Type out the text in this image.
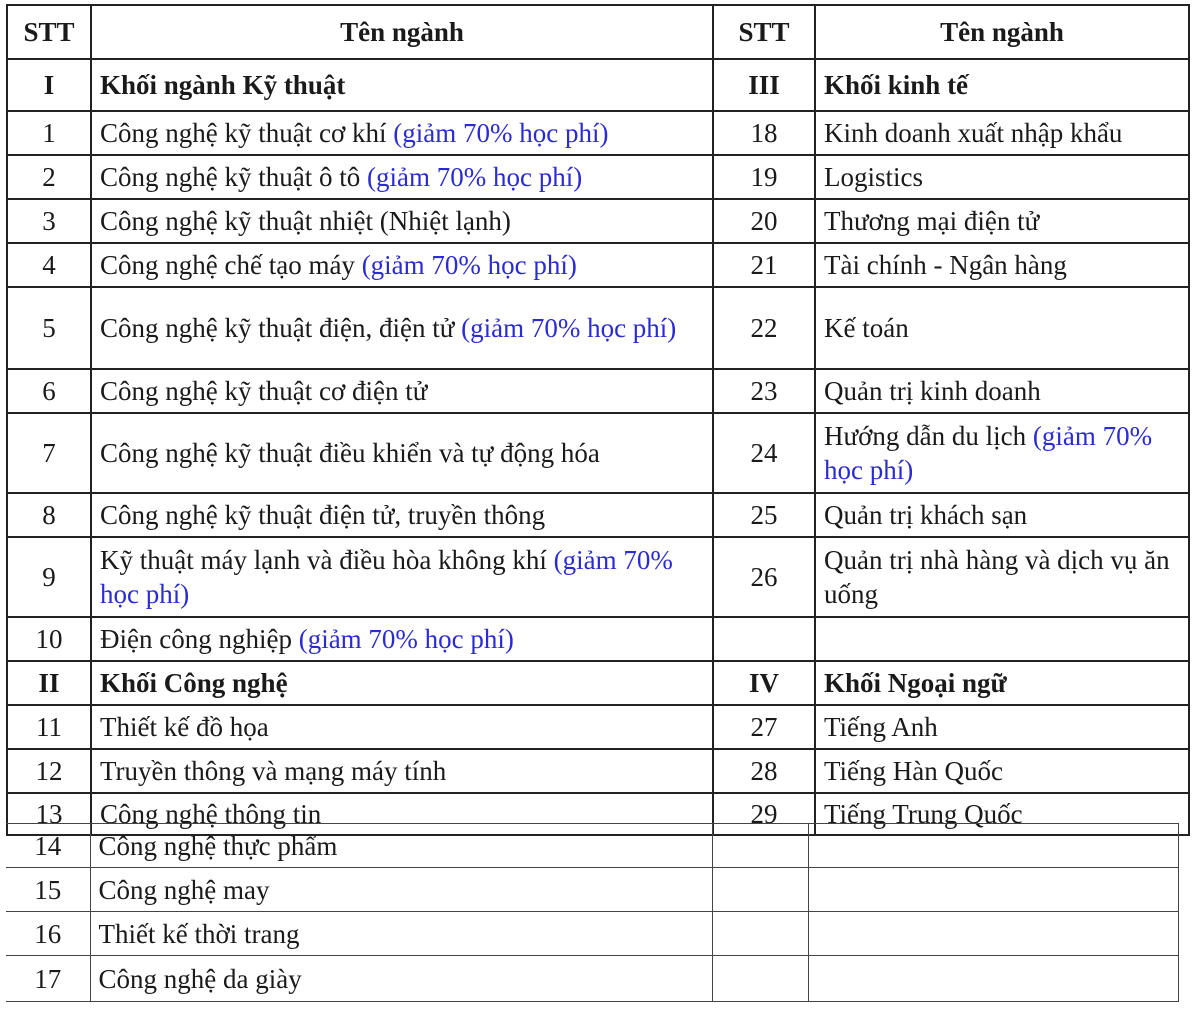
STT	Tên ngành	STT	Tên ngành
I	Khối ngành Kỹ thuật	III	Khối kinh tế
1	Công nghệ kỹ thuật cơ khí (giảm 70% học phí)	18	Kinh doanh xuất nhập khẩu
2	Công nghệ kỹ thuật ô tô (giảm 70% học phí)	19	Logistics
3	Công nghệ kỹ thuật nhiệt (Nhiệt lạnh)	20	Thương mại điện tử
4	Công nghệ chế tạo máy (giảm 70% học phí)	21	Tài chính - Ngân hàng
5	Công nghệ kỹ thuật điện, điện tử (giảm 70% học phí)	22	Kế toán
6	Công nghệ kỹ thuật cơ điện tử	23	Quản trị kinh doanh
7	Công nghệ kỹ thuật điều khiển và tự động hóa	24	Hướng dẫn du lịch (giảm 70% học phí)
8	Công nghệ kỹ thuật điện tử, truyền thông	25	Quản trị khách sạn
9	Kỹ thuật máy lạnh và điều hòa không khí (giảm 70% học phí)	26	Quản trị nhà hàng và dịch vụ ăn uống
10	Điện công nghiệp (giảm 70% học phí)		
II	Khối Công nghệ	IV	Khối Ngoại ngữ
11	Thiết kế đồ họa	27	Tiếng Anh
12	Truyền thông và mạng máy tính	28	Tiếng Hàn Quốc
13	Công nghệ thông tin	29	Tiếng Trung Quốc
14	Công nghệ thực phẩm		
15	Công nghệ may		
16	Thiết kế thời trang		
17	Công nghệ da giày		
